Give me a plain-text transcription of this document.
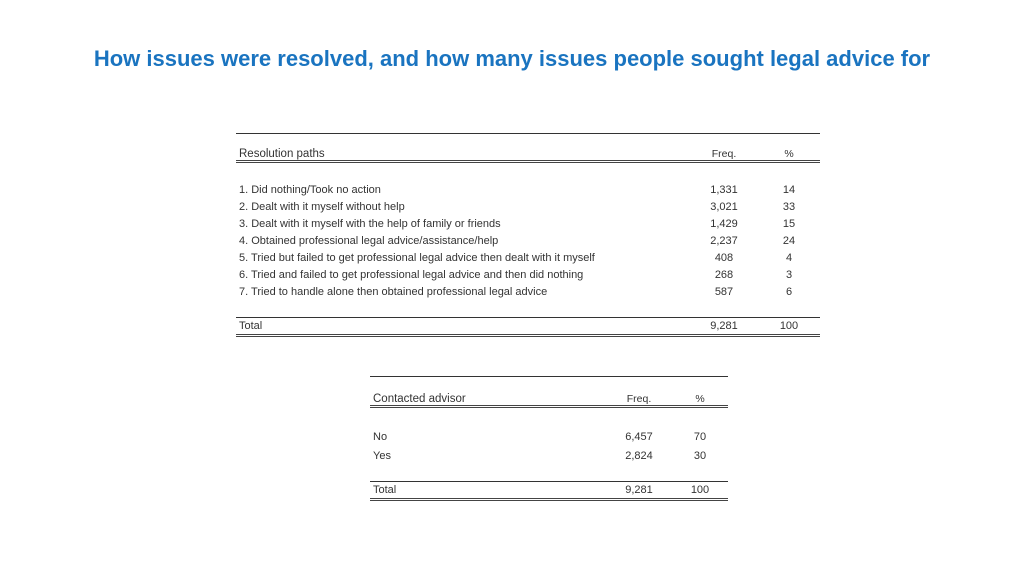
How issues were resolved, and how many issues people sought legal advice for
Resolution paths	Freq.	%
1. Did nothing/Took no action	1,331	14
2. Dealt with it myself without help	3,021	33
3. Dealt with it myself with the help of family or friends	1,429	15
4. Obtained professional legal advice/assistance/help	2,237	24
5. Tried but failed to get professional legal advice then dealt with it myself	408	4
6. Tried and failed to get professional legal advice and then did nothing	268	3
7. Tried to handle alone then obtained professional legal advice	587	6
Total	9,281	100
Contacted advisor	Freq.	%
No	6,457	70
Yes	2,824	30
Total	9,281	100
